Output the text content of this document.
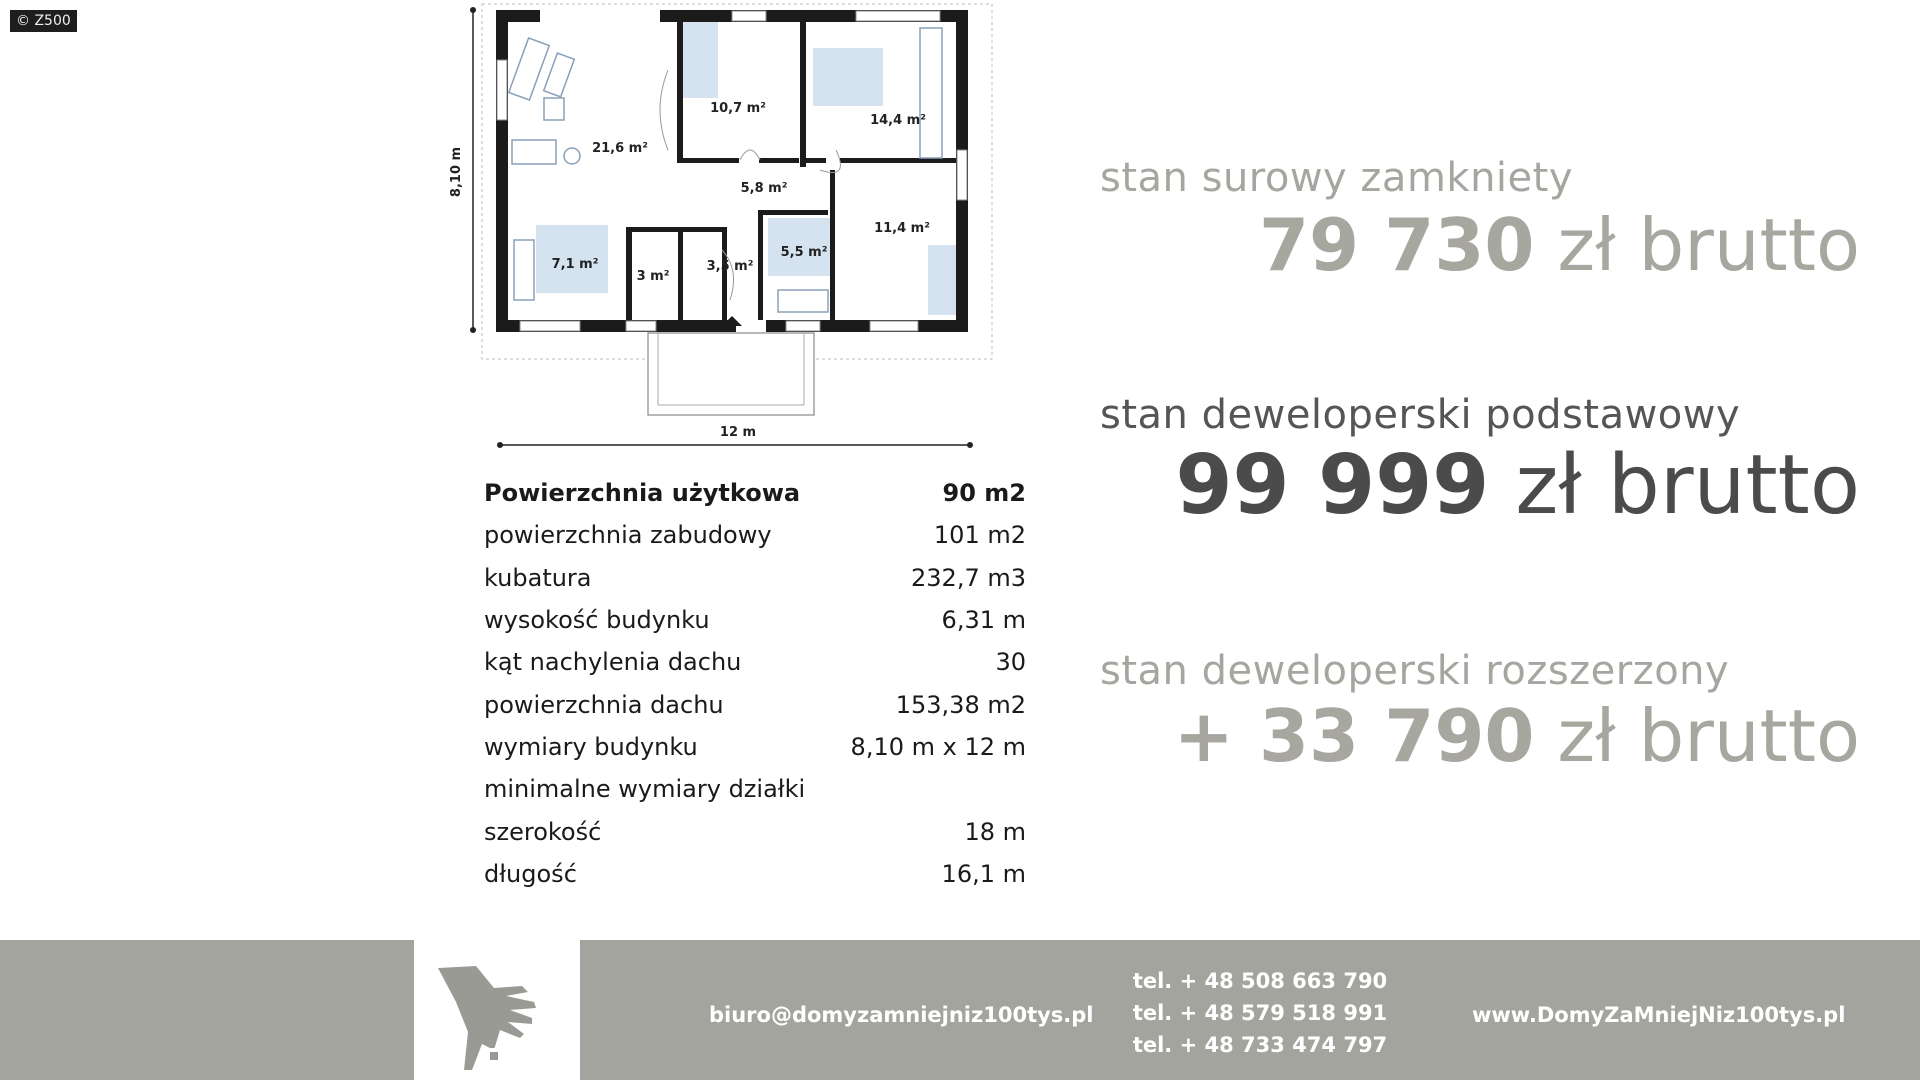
© Z500
21,6 m²
10,7 m²
14,4 m²
5,8 m²
11,4 m²
7,1 m²
3 m²
3,5 m²
5,5 m²
8,10 m
12 m
Powierzchnia użytkowa	90 m2
powierzchnia zabudowy	101 m2
kubatura	232,7 m3
wysokość budynku	6,31 m
kąt nachylenia dachu	30
powierzchnia dachu	153,38 m2
wymiary budynku	8,10 m x 12 m
minimalne wymiary działki
szerokość	18 m
długość	16,1 m
stan surowy zamkniety
79 730 zł brutto
stan deweloperski podstawowy
99 999 zł brutto
stan deweloperski rozszerzony
+ 33 790 zł brutto
biuro@domyzamniejniz100tys.pl
tel. + 48 508 663 790
tel. + 48 579 518 991
tel. + 48 733 474 797
www.DomyZaMniejNiz100tys.pl
